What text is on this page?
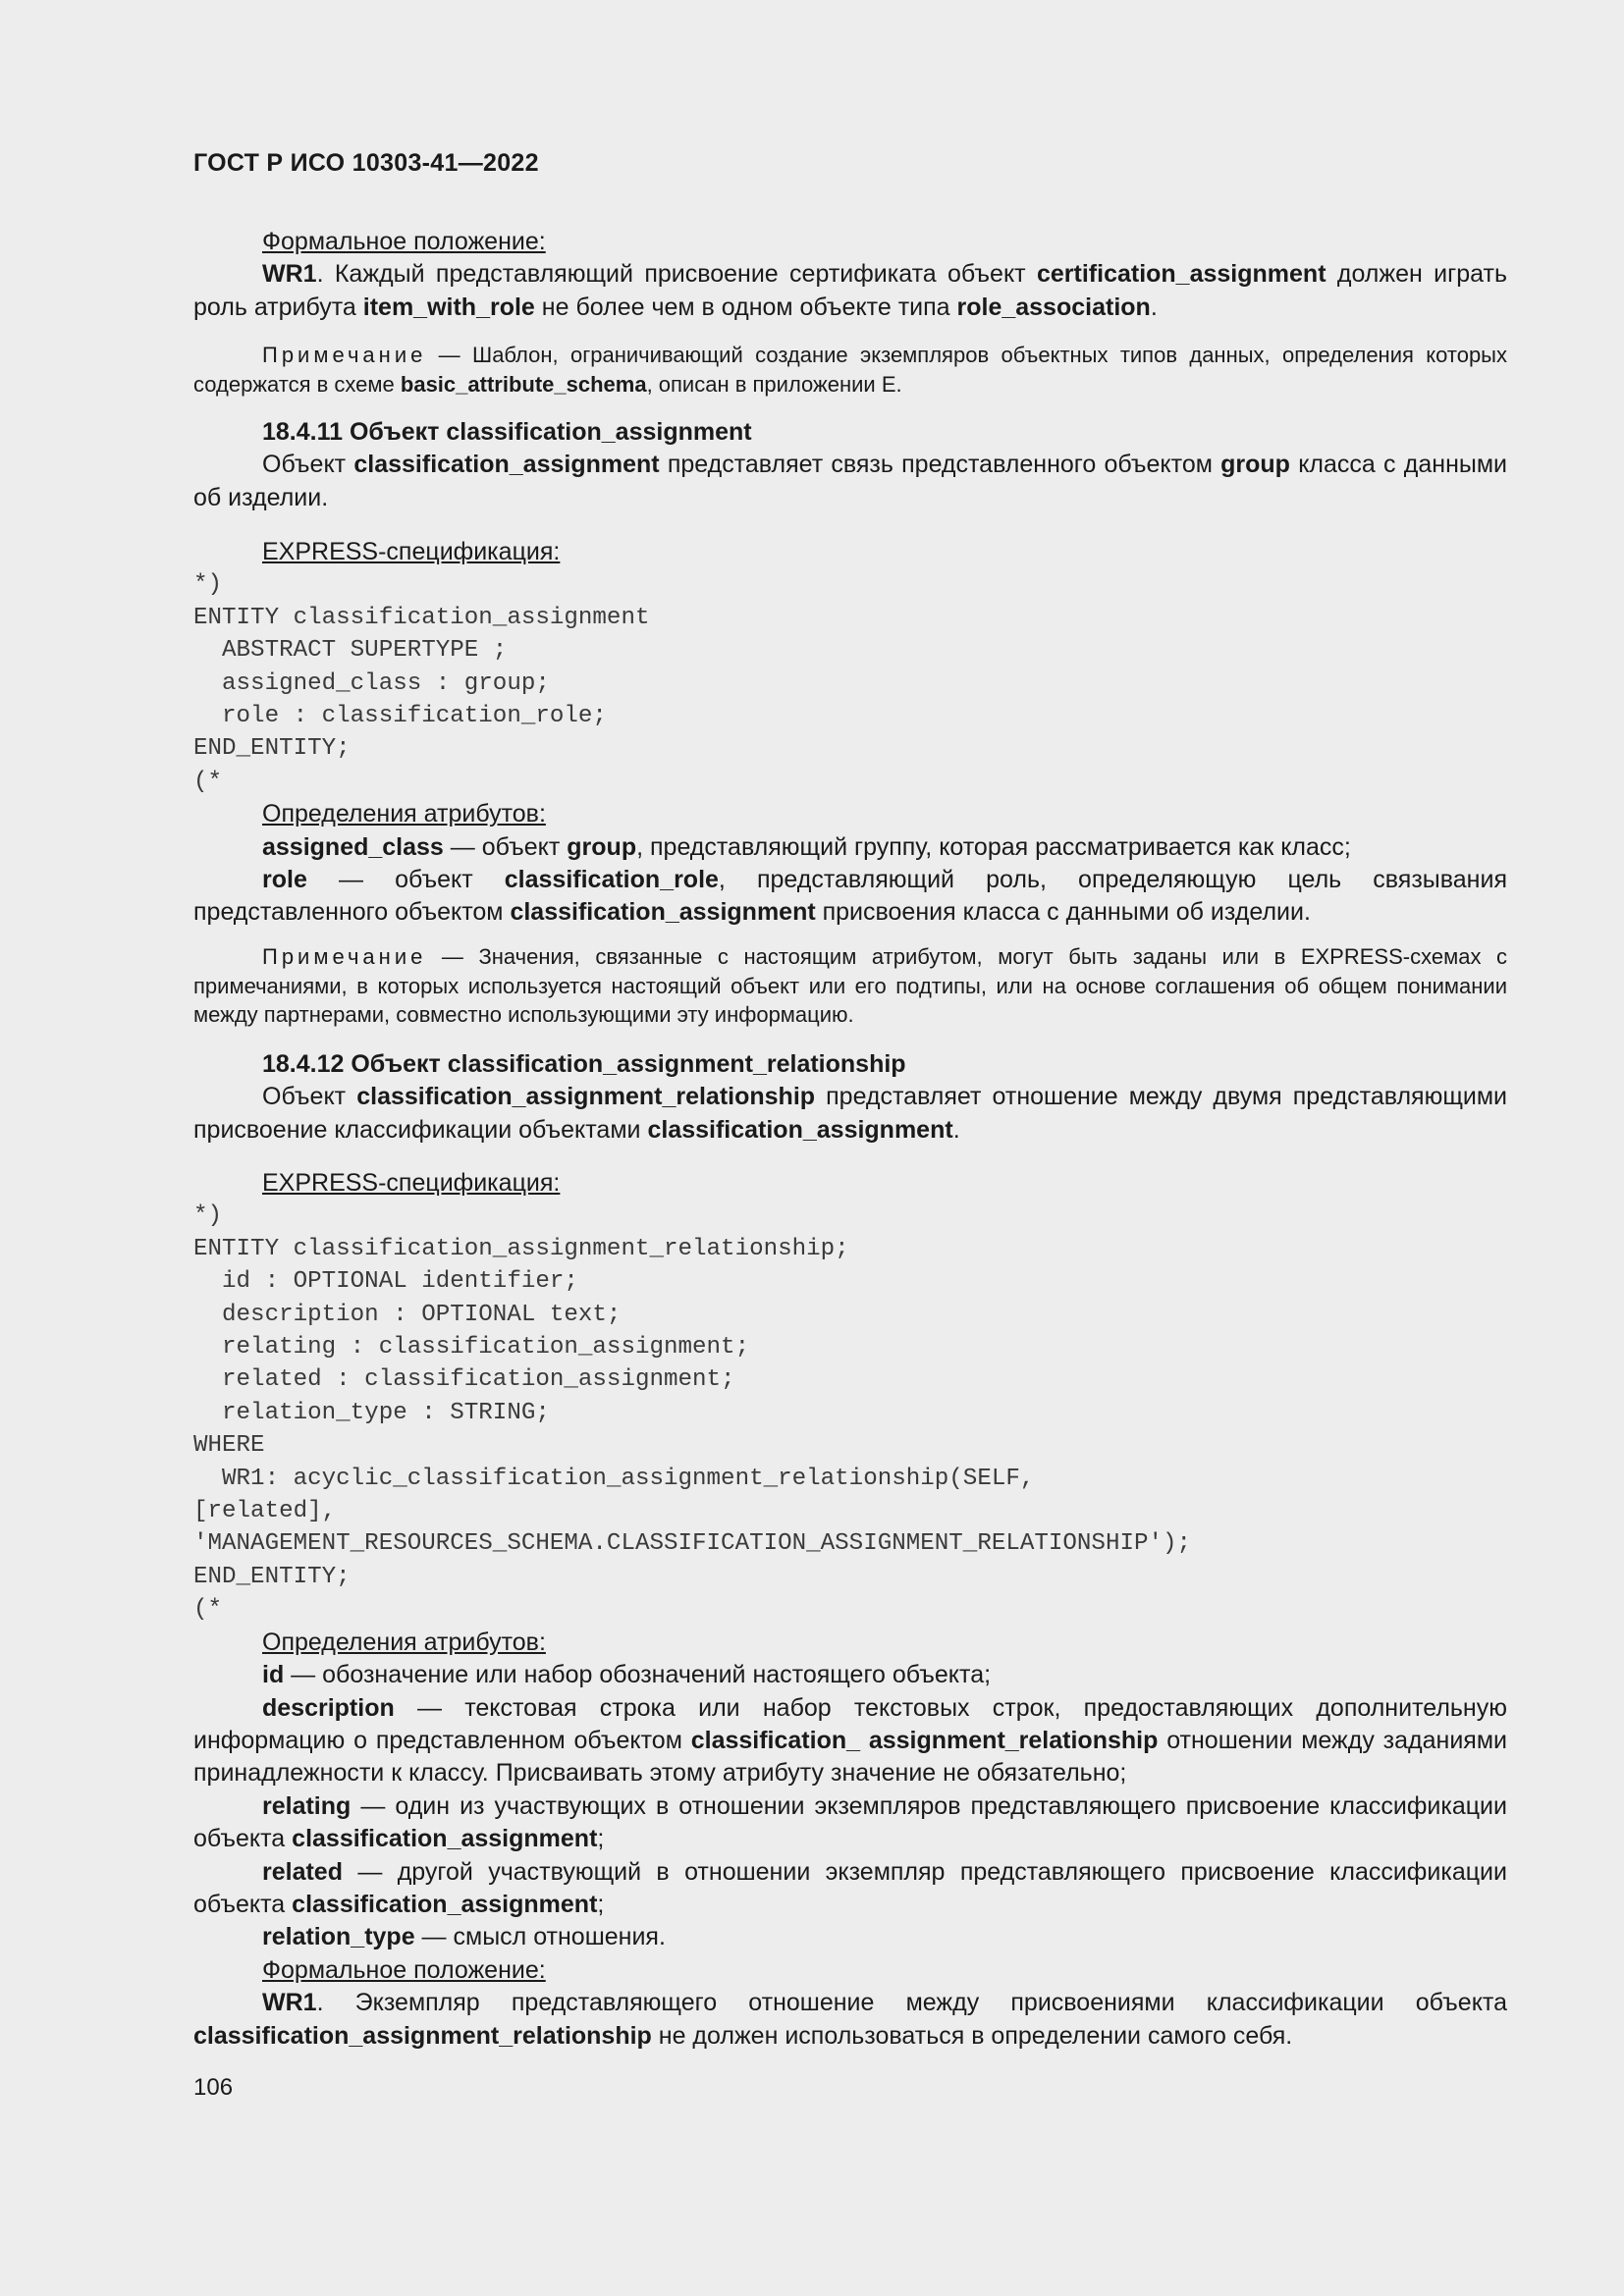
ГОСТ Р ИСО 10303-41—2022

Формальное положение:

WR1. Каждый представляющий присвоение сертификата объект certification_assignment должен играть роль атрибута item_with_role не более чем в одном объекте типа role_association.

Примечание — Шаблон, ограничивающий создание экземпляров объектных типов данных, определения которых содержатся в схеме basic_attribute_schema, описан в приложении E.

18.4.11 Объект classification_assignment

Объект classification_assignment представляет связь представленного объектом group класса с данными об изделии.

EXPRESS-спецификация:

*)
ENTITY classification_assignment
ABSTRACT SUPERTYPE ;
assigned_class : group;
role : classification_role;
END_ENTITY;
(*

Определения атрибутов:

assigned_class — объект group, представляющий группу, которая рассматривается как класс;

role — объект classification_role, представляющий роль, определяющую цель связывания представленного объектом classification_assignment присвоения класса с данными об изделии.

Примечание — Значения, связанные с настоящим атрибутом, могут быть заданы или в EXPRESS-схемах с примечаниями, в которых используется настоящий объект или его подтипы, или на основе соглашения об общем понимании между партнерами, совместно использующими эту информацию.

18.4.12 Объект classification_assignment_relationship

Объект classification_assignment_relationship представляет отношение между двумя представляющими присвоение классификации объектами classification_assignment.

EXPRESS-спецификация:

*)
ENTITY classification_assignment_relationship;
id : OPTIONAL identifier;
description : OPTIONAL text;
relating : classification_assignment;
related : classification_assignment;
relation_type : STRING;
WHERE
WR1: acyclic_classification_assignment_relationship(SELF,
[related],
'MANAGEMENT_RESOURCES_SCHEMA.CLASSIFICATION_ASSIGNMENT_RELATIONSHIP');
END_ENTITY;
(*

Определения атрибутов:

id — обозначение или набор обозначений настоящего объекта;

description — текстовая строка или набор текстовых строк, предоставляющих дополнительную информацию о представленном объектом classification_ assignment_relationship отношении между заданиями принадлежности к классу. Присваивать этому атрибуту значение не обязательно;

relating — один из участвующих в отношении экземпляров представляющего присвоение классификации объекта classification_assignment;

related — другой участвующий в отношении экземпляр представляющего присвоение классификации объекта classification_assignment;

relation_type — смысл отношения.

Формальное положение:

WR1. Экземпляр представляющего отношение между присвоениями классификации объекта classification_assignment_relationship не должен использоваться в определении самого себя.

106
